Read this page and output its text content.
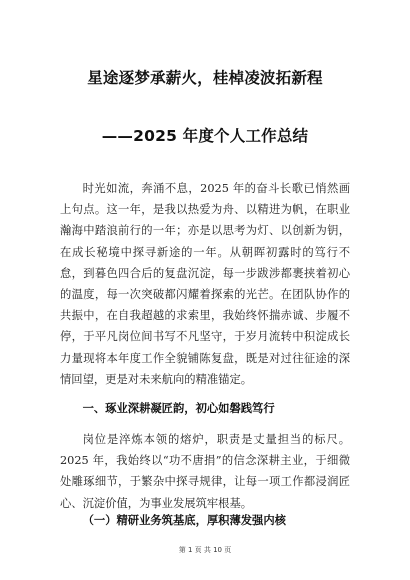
星途逐梦承薪火，桂棹凌波拓新程
——2025 年度个人工作总结

时光如流，奔涌不息，2025 年的奋斗长歌已悄然画上句点。这一年，是我以热爱为舟、以精进为帆，在职业瀚海中踏浪前行的一年；亦是以思考为灯、以创新为钥，在成长秘境中探寻新途的一年。从朝晖初露时的笃行不怠，到暮色四合后的复盘沉淀，每一步跋涉都裹挟着初心的温度，每一次突破都闪耀着探索的光芒。在团队协作的共振中，在自我超越的求索里，我始终怀揣赤诚、步履不停，于平凡岗位间书写不凡坚守，于岁月流转中积淀成长力量现将本年度工作全貌铺陈复盘，既是对过往征途的深情回望，更是对未来航向的精准锚定。

一、琢业深耕凝匠韵，初心如磐践笃行

岗位是淬炼本领的熔炉，职责是丈量担当的标尺。2025 年，我始终以“功不唐捐”的信念深耕主业，于细微处雕琢细节，于繁杂中探寻规律，让每一项工作都浸润匠心、沉淀价值，为事业发展筑牢根基。

（一）精研业务筑基底，厚积薄发强内核
第 1 页 共 10 页
